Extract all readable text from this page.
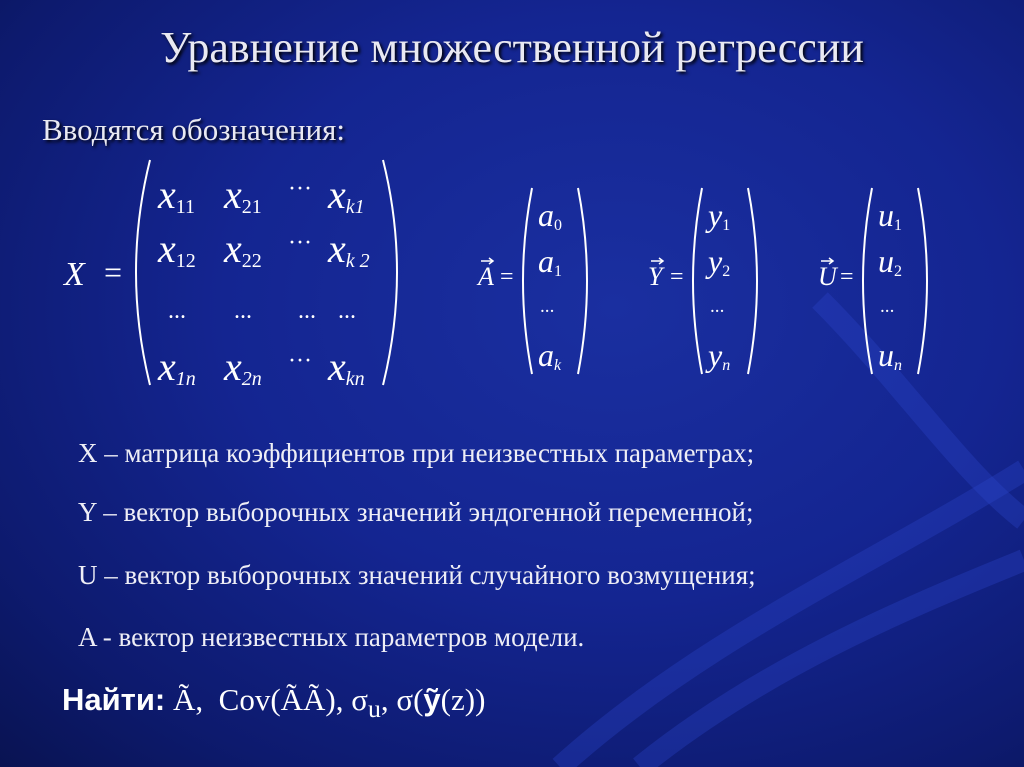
Уравнение множественной регрессии
Вводятся обозначения:
X =
x11 x21
··· xk1
x12 x22
··· xk 2
... ... ... ...
x1n x2n
··· xkn
A =
a0
a1
...
ak
Y =
y1
y2
...
yn
U =
u1
u2
...
un
X – матрица коэффициентов при неизвестных параметрах;
Y – вектор выборочных значений эндогенной переменной;
U – вектор выборочных значений случайного возмущения;
A - вектор неизвестных параметров модели.
Найти: Ã,  Cov(ÃÃ), $\sigma_u$, σ(ỹ(z))
